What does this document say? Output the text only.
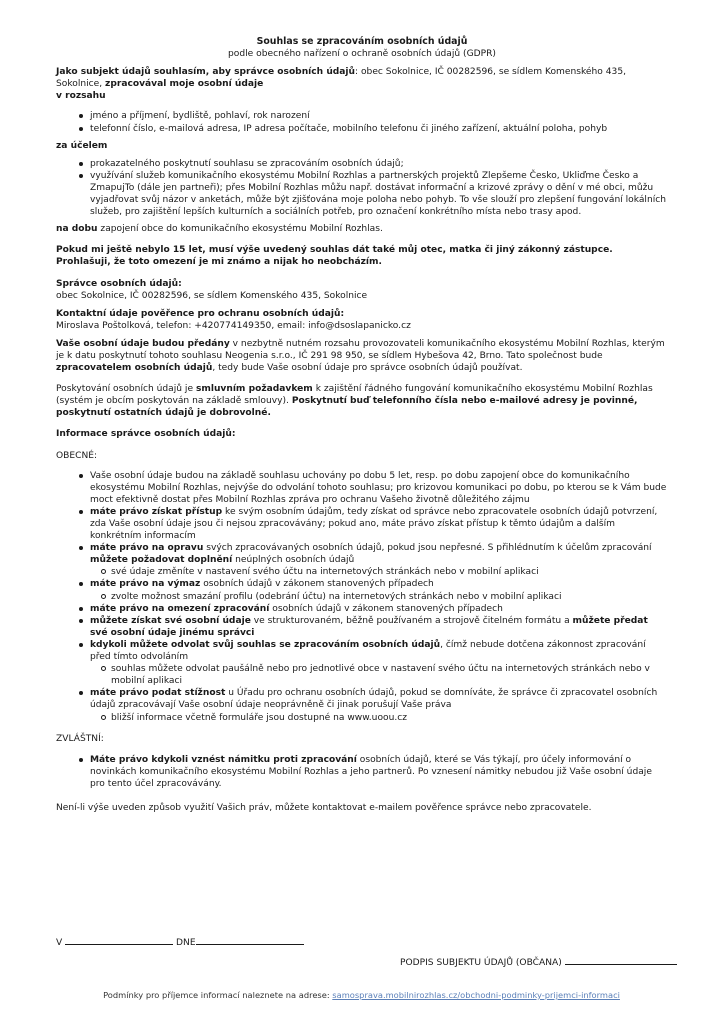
Souhlas se zpracováním osobních údajů
podle obecného nařízení o ochraně osobních údajů (GDPR)

Jako subjekt údajů souhlasím, aby správce osobních údajů: obec Sokolnice, IČ 00282596, se sídlem Komenského 435, Sokolnice, zpracovával moje osobní údaje
v rozsahu

jméno a příjmení, bydliště, pohlaví, rok narození
telefonní číslo, e-mailová adresa, IP adresa počítače, mobilního telefonu či jiného zařízení, aktuální poloha, pohyb

za účelem

prokazatelného poskytnutí souhlasu se zpracováním osobních údajů;
využívání služeb komunikačního ekosystému Mobilní Rozhlas a partnerských projektů Zlepšeme Česko, Ukliďme Česko a ZmapujTo (dále jen partneři); přes Mobilní Rozhlas můžu např. dostávat informační a krizové zprávy o dění v mé obci, můžu vyjadřovat svůj názor v anketách, může být zjišťována moje poloha nebo pohyb. To vše slouží pro zlepšení fungování lokálních služeb, pro zajištění lepších kulturních a sociálních potřeb, pro označení konkrétního místa nebo trasy apod.

na dobu zapojení obce do komunikačního ekosystému Mobilní Rozhlas.

Pokud mi ještě nebylo 15 let, musí výše uvedený souhlas dát také můj otec, matka či jiný zákonný zástupce. Prohlašuji, že toto omezení je mi známo a nijak ho neobcházím.

Správce osobních údajů:
obec Sokolnice, IČ 00282596, se sídlem Komenského 435, Sokolnice

Kontaktní údaje pověřence pro ochranu osobních údajů:
Miroslava Poštolková, telefon: +420774149350, email: info@dsoslapanicko.cz

Vaše osobní údaje budou předány v nezbytně nutném rozsahu provozovateli komunikačního ekosystému Mobilní Rozhlas, kterým je k datu poskytnutí tohoto souhlasu Neogenia s.r.o., IČ 291 98 950, se sídlem Hybešova 42, Brno. Tato společnost bude zpracovatelem osobních údajů, tedy bude Vaše osobní údaje pro správce osobních údajů používat.

Poskytování osobních údajů je smluvním požadavkem k zajištění řádného fungování komunikačního ekosystému Mobilní Rozhlas (systém je obcím poskytován na základě smlouvy). Poskytnutí buď telefonního čísla nebo e-mailové adresy je povinné, poskytnutí ostatních údajů je dobrovolné.

Informace správce osobních údajů:

OBECNÉ:

Vaše osobní údaje budou na základě souhlasu uchovány po dobu 5 let, resp. po dobu zapojení obce do komunikačního ekosystému Mobilní Rozhlas, nejvýše do odvolání tohoto souhlasu; pro krizovou komunikaci po dobu, po kterou se k Vám bude moct efektivně dostat přes Mobilní Rozhlas zpráva pro ochranu Vašeho životně důležitého zájmu
máte právo získat přístup ke svým osobním údajům, tedy získat od správce nebo zpracovatele osobních údajů potvrzení, zda Vaše osobní údaje jsou či nejsou zpracovávány; pokud ano, máte právo získat přístup k těmto údajům a dalším konkrétním informacím
máte právo na opravu svých zpracovávaných osobních údajů, pokud jsou nepřesné. S přihlédnutím k účelům zpracování můžete požadovat doplnění neúplných osobních údajů
své údaje změníte v nastavení svého účtu na internetových stránkách nebo v mobilní aplikaci
máte právo na výmaz osobních údajů v zákonem stanovených případech
zvolte možnost smazání profilu (odebrání účtu) na internetových stránkách nebo v mobilní aplikaci
máte právo na omezení zpracování osobních údajů v zákonem stanovených případech
můžete získat své osobní údaje ve strukturovaném, běžně používaném a strojově čitelném formátu a můžete předat své osobní údaje jinému správci
kdykoli můžete odvolat svůj souhlas se zpracováním osobních údajů, čímž nebude dotčena zákonnost zpracování před tímto odvoláním
souhlas můžete odvolat paušálně nebo pro jednotlivé obce v nastavení svého účtu na internetových stránkách nebo v mobilní aplikaci
máte právo podat stížnost u Úřadu pro ochranu osobních údajů, pokud se domníváte, že správce či zpracovatel osobních údajů zpracovávají Vaše osobní údaje neoprávněně či jinak porušují Vaše práva
bližší informace včetně formuláře jsou dostupné na www.uoou.cz

ZVLÁŠTNÍ:

Máte právo kdykoli vznést námitku proti zpracování osobních údajů, které se Vás týkají, pro účely informování o novinkách komunikačního ekosystému Mobilní Rozhlas a jeho partnerů. Po vznesení námitky nebudou již Vaše osobní údaje pro tento účel zpracovávány.

Není-li výše uveden způsob využití Vašich práv, můžete kontaktovat e-mailem pověřence správce nebo zpracovatele.

V	DNE
PODPIS SUBJEKTU ÚDAJŮ (OBČANA)
Podmínky pro příjemce informací naleznete na adrese: samosprava.mobilnirozhlas.cz/obchodni-podminky-prijemci-informaci
